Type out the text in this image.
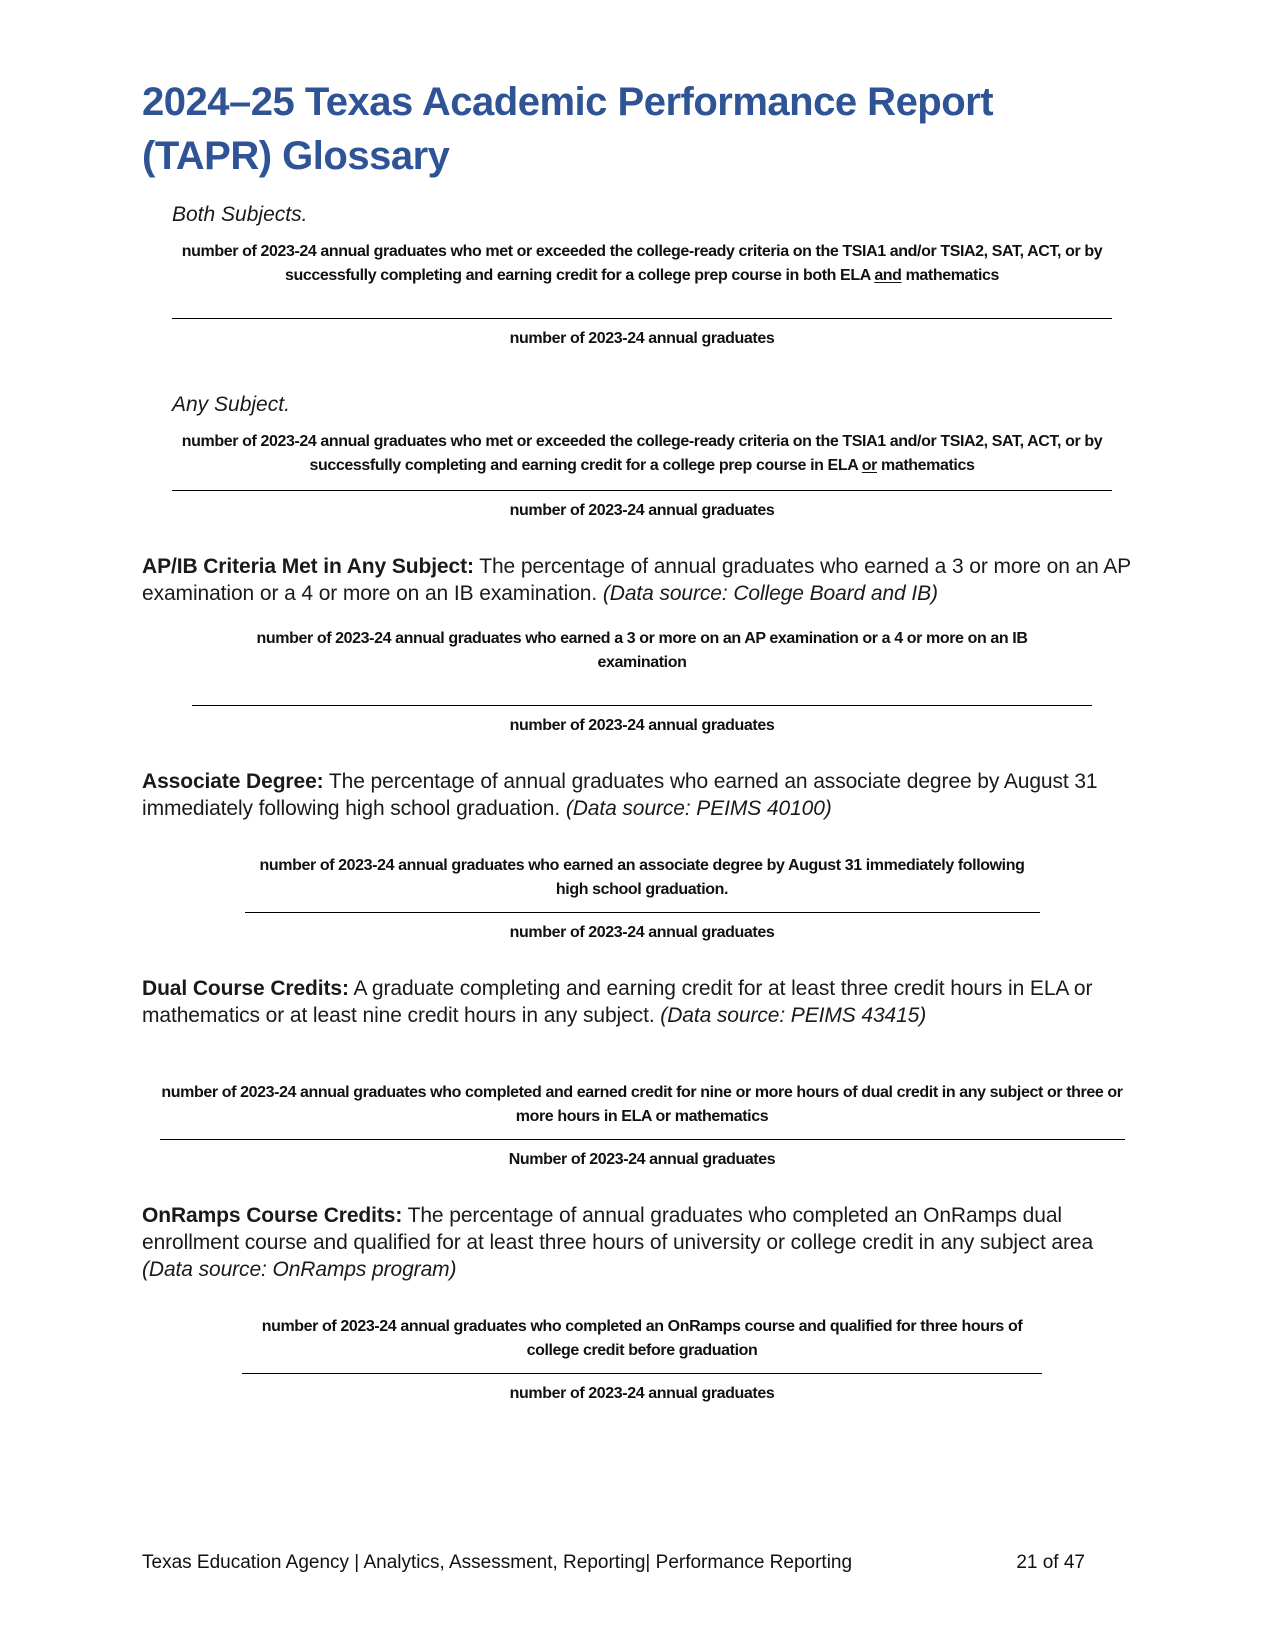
2024–25 Texas Academic Performance Report (TAPR) Glossary

Both Subjects.

number of 2023-24 annual graduates who met or exceeded the college-ready criteria on the TSIA1 and/or TSIA2, SAT, ACT, or by successfully completing and earning credit for a college prep course in both ELA and mathematics
number of 2023-24 annual graduates

Any Subject.

number of 2023-24 annual graduates who met or exceeded the college-ready criteria on the TSIA1 and/or TSIA2, SAT, ACT, or by successfully completing and earning credit for a college prep course in ELA or mathematics
number of 2023-24 annual graduates

AP/IB Criteria Met in Any Subject: The percentage of annual graduates who earned a 3 or more on an AP examination or a 4 or more on an IB examination. (Data source: College Board and IB)

number of 2023-24 annual graduates who earned a 3 or more on an AP examination or a 4 or more on an IB examination
number of 2023-24 annual graduates

Associate Degree: The percentage of annual graduates who earned an associate degree by August 31 immediately following high school graduation. (Data source: PEIMS 40100)

number of 2023-24 annual graduates who earned an associate degree by August 31 immediately following high school graduation.
number of 2023-24 annual graduates

Dual Course Credits: A graduate completing and earning credit for at least three credit hours in ELA or mathematics or at least nine credit hours in any subject. (Data source: PEIMS 43415)

number of 2023-24 annual graduates who completed and earned credit for nine or more hours of dual credit in any subject or three or more hours in ELA or mathematics
Number of 2023-24 annual graduates

OnRamps Course Credits: The percentage of annual graduates who completed an OnRamps dual enrollment course and qualified for at least three hours of university or college credit in any subject area (Data source: OnRamps program)

number of 2023-24 annual graduates who completed an OnRamps course and qualified for three hours of college credit before graduation
number of 2023-24 annual graduates
Texas Education Agency | Analytics, Assessment, Reporting| Performance Reporting	21 of 47
